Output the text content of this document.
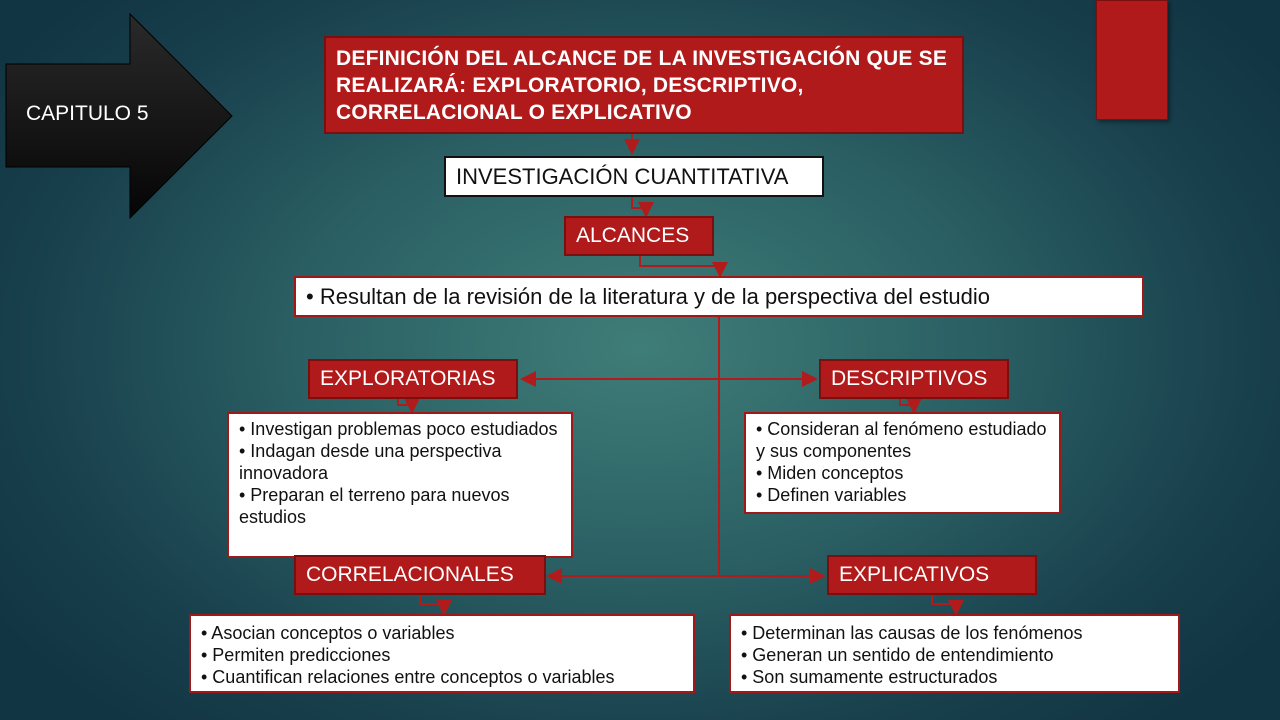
CAPITULO 5
DEFINICIÓN DEL ALCANCE DE LA INVESTIGACIÓN QUE SE REALIZARÁ: EXPLORATORIO, DESCRIPTIVO, CORRELACIONAL O EXPLICATIVO
INVESTIGACIÓN CUANTITATIVA
ALCANCES
• Resultan de la revisión de la literatura y de la perspectiva del estudio
EXPLORATORIAS
• Investigan problemas poco estudiados
• Indagan desde una perspectiva innovadora
• Preparan el terreno para nuevos estudios
DESCRIPTIVOS
• Consideran al fenómeno estudiado y sus componentes
• Miden conceptos
• Definen variables
CORRELACIONALES
• Asocian conceptos o variables
• Permiten predicciones
• Cuantifican relaciones entre conceptos o variables
EXPLICATIVOS
• Determinan las causas de los fenómenos
• Generan un sentido de entendimiento
• Son sumamente estructurados
